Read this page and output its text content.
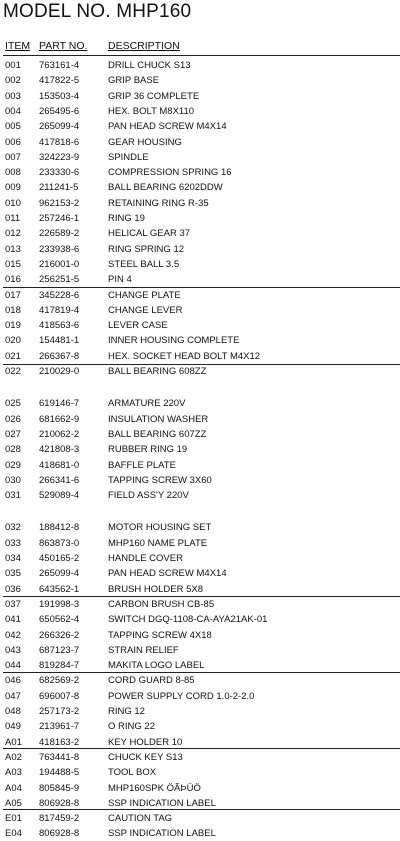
MODEL NO. MHP160
ITEM PART NO. DESCRIPTION
001 763161-4	DRILL CHUCK S13
002 417822-5	GRIP BASE
003 153503-4	GRIP 36 COMPLETE
004 265495-6	HEX. BOLT M8X110
005 265099-4	PAN HEAD SCREW M4X14
006 417818-6	GEAR HOUSING
007 324223-9	SPINDLE
008 233330-6	COMPRESSION SPRING 16
009 211241-5	BALL BEARING 6202DDW
010 962153-2	RETAINING RING R-35
011 257246-1	RING 19
012 226589-2	HELICAL GEAR 37
013 233938-6	RING SPRING 12
015 216001-0	STEEL BALL 3.5
016 256251-5	PIN 4
017 345228-6	CHANGE PLATE
018 417819-4	CHANGE LEVER
019 418563-6	LEVER CASE
020 154481-1	INNER HOUSING COMPLETE
021 266367-8	HEX. SOCKET HEAD BOLT M4X12
022 210029-0	BALL BEARING 608ZZ
025 619146-7	ARMATURE 220V
026 681662-9	INSULATION WASHER
027 210062-2	BALL BEARING 607ZZ
028 421808-3	RUBBER RING 19
029 418681-0	BAFFLE PLATE
030 266341-6	TAPPING SCREW 3X60
031 529089-4	FIELD ASS'Y 220V
032 188412-8	MOTOR HOUSING SET
033 863873-0	MHP160 NAME PLATE
034 450165-2	HANDLE COVER
035 265099-4	PAN HEAD SCREW M4X14
036 643562-1	BRUSH HOLDER 5X8
037 191998-3	CARBON BRUSH CB-85
041 650562-4	SWITCH DGQ-1108-CA-AYA21AK-01
042 266326-2	TAPPING SCREW 4X18
043 687123-7	STRAIN RELIEF
044 819284-7	MAKITA LOGO LABEL
046 682569-2	CORD GUARD 8-85
047 696007-8	POWER SUPPLY CORD 1.0-2-2.0
048 257173-2	RING 12
049 213961-7	O RING 22
A01 418163-2	KEY HOLDER 10
A02 763441-8	CHUCK KEY S13
A03 194488-5	TOOL BOX
A04 805845-9	MHP160SPK ÖÃÞÜÖ
A05 806928-8	SSP INDICATION LABEL
E01 817459-2	CAUTION TAG
E04 806928-8	SSP INDICATION LABEL
